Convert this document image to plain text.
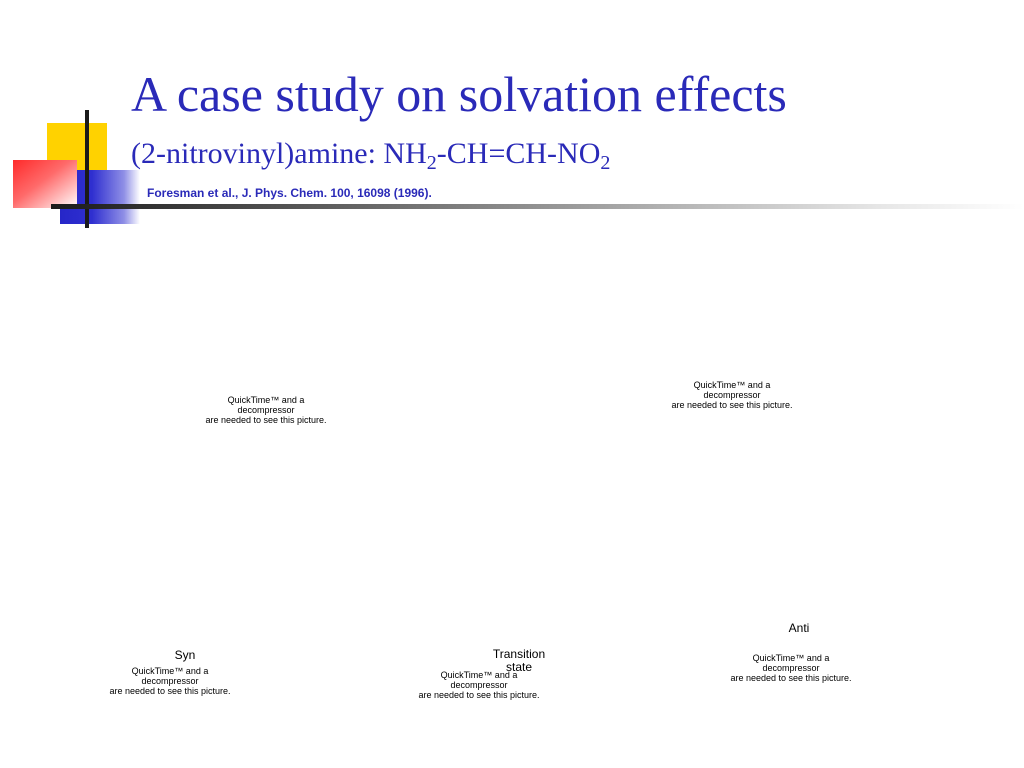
A case study on solvation effects
(2-nitrovinyl)amine: $NH_2-CH=CH-NO_2$
Foresman et al., J. Phys. Chem. 100, 16098 (1996).
QuickTime™ and a
decompressor
are needed to see this picture.
QuickTime™ and a
decompressor
are needed to see this picture.
Anti
Syn	Transition state
QuickTime™ and a
decompressor
are needed to see this picture.
QuickTime™ and a
decompressor
are needed to see this picture.
QuickTime™ and a
decompressor
are needed to see this picture.
